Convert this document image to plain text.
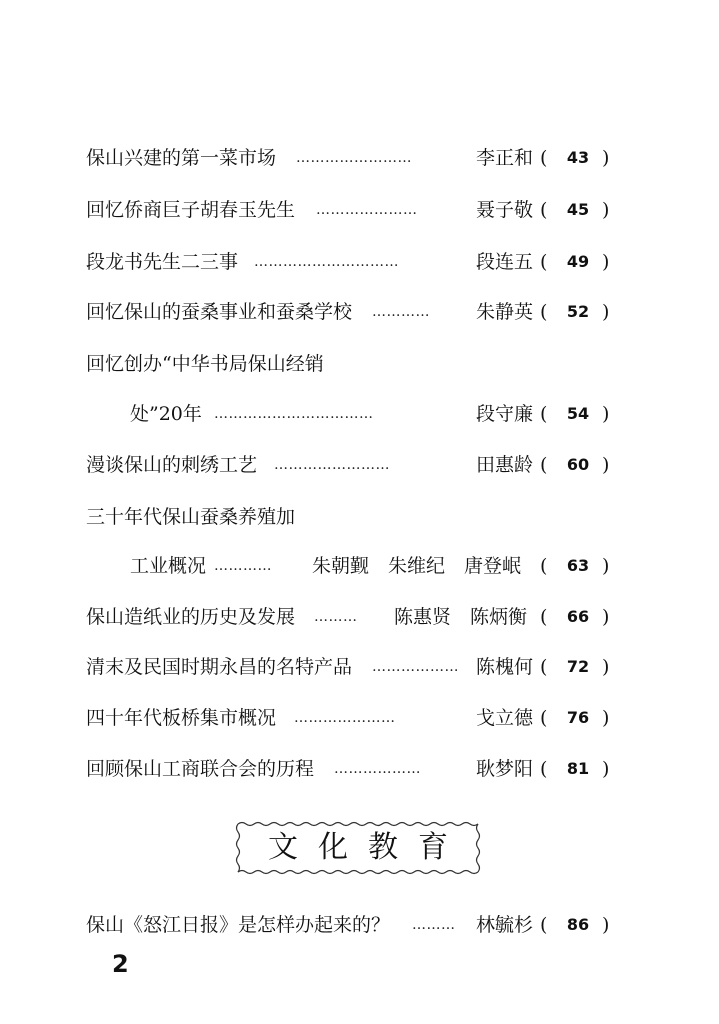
保山兴建的第一菜市场 ……………………	李正和 (	43 )
回忆侨商巨子胡春玉先生 …………………	聂子敬 (	45 )
段龙书先生二三事 …………………………	段连五 (	49 )
回忆保山的蚕桑事业和蚕桑学校 …………	朱静英 (	52 )
回忆创办“中华书局保山经销
处”20年 ……………………………	段守廉 (	54 )
漫谈保山的刺绣工艺 ……………………	田惠龄 (	60 )
三十年代保山蚕桑养殖加
工业概况 …………	朱朝觐　朱维纪　唐登岷 (	63 )
保山造纸业的历史及发展 ………	陈惠贤　陈炳衡 (	66 )
清末及民国时期永昌的名特产品 ……………… 陈槐何 (	72 )
四十年代板桥集市概况 …………………	戈立德 (	76 )
回顾保山工商联合会的历程 ………………	耿梦阳 (	81 )
文化教育
保山《怒江日报》是怎样办起来的？ ………	林毓杉 (	86 )
2
